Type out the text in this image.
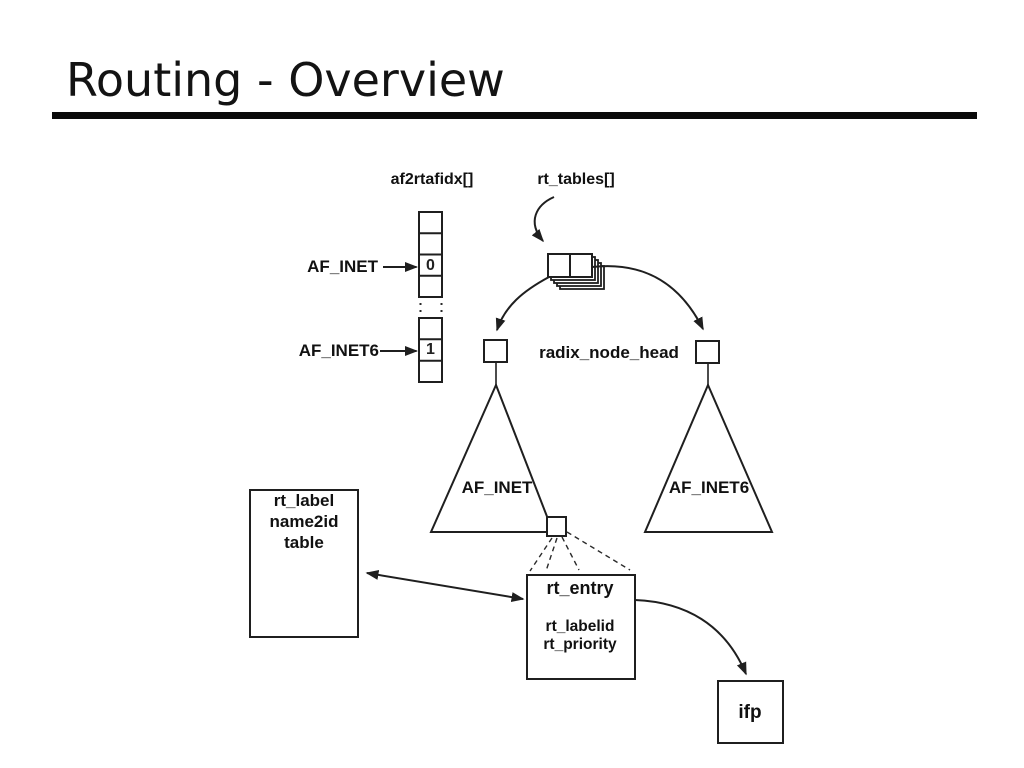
Routing - Overview
af2rtafidx[]	rt_tables[]
AF_INET	0
AF_INET6	1	radix_node_head
AF_INET	AF_INET6
rt_label
name2id
table
rt_entry
rt_labelid
rt_priority
ifp
